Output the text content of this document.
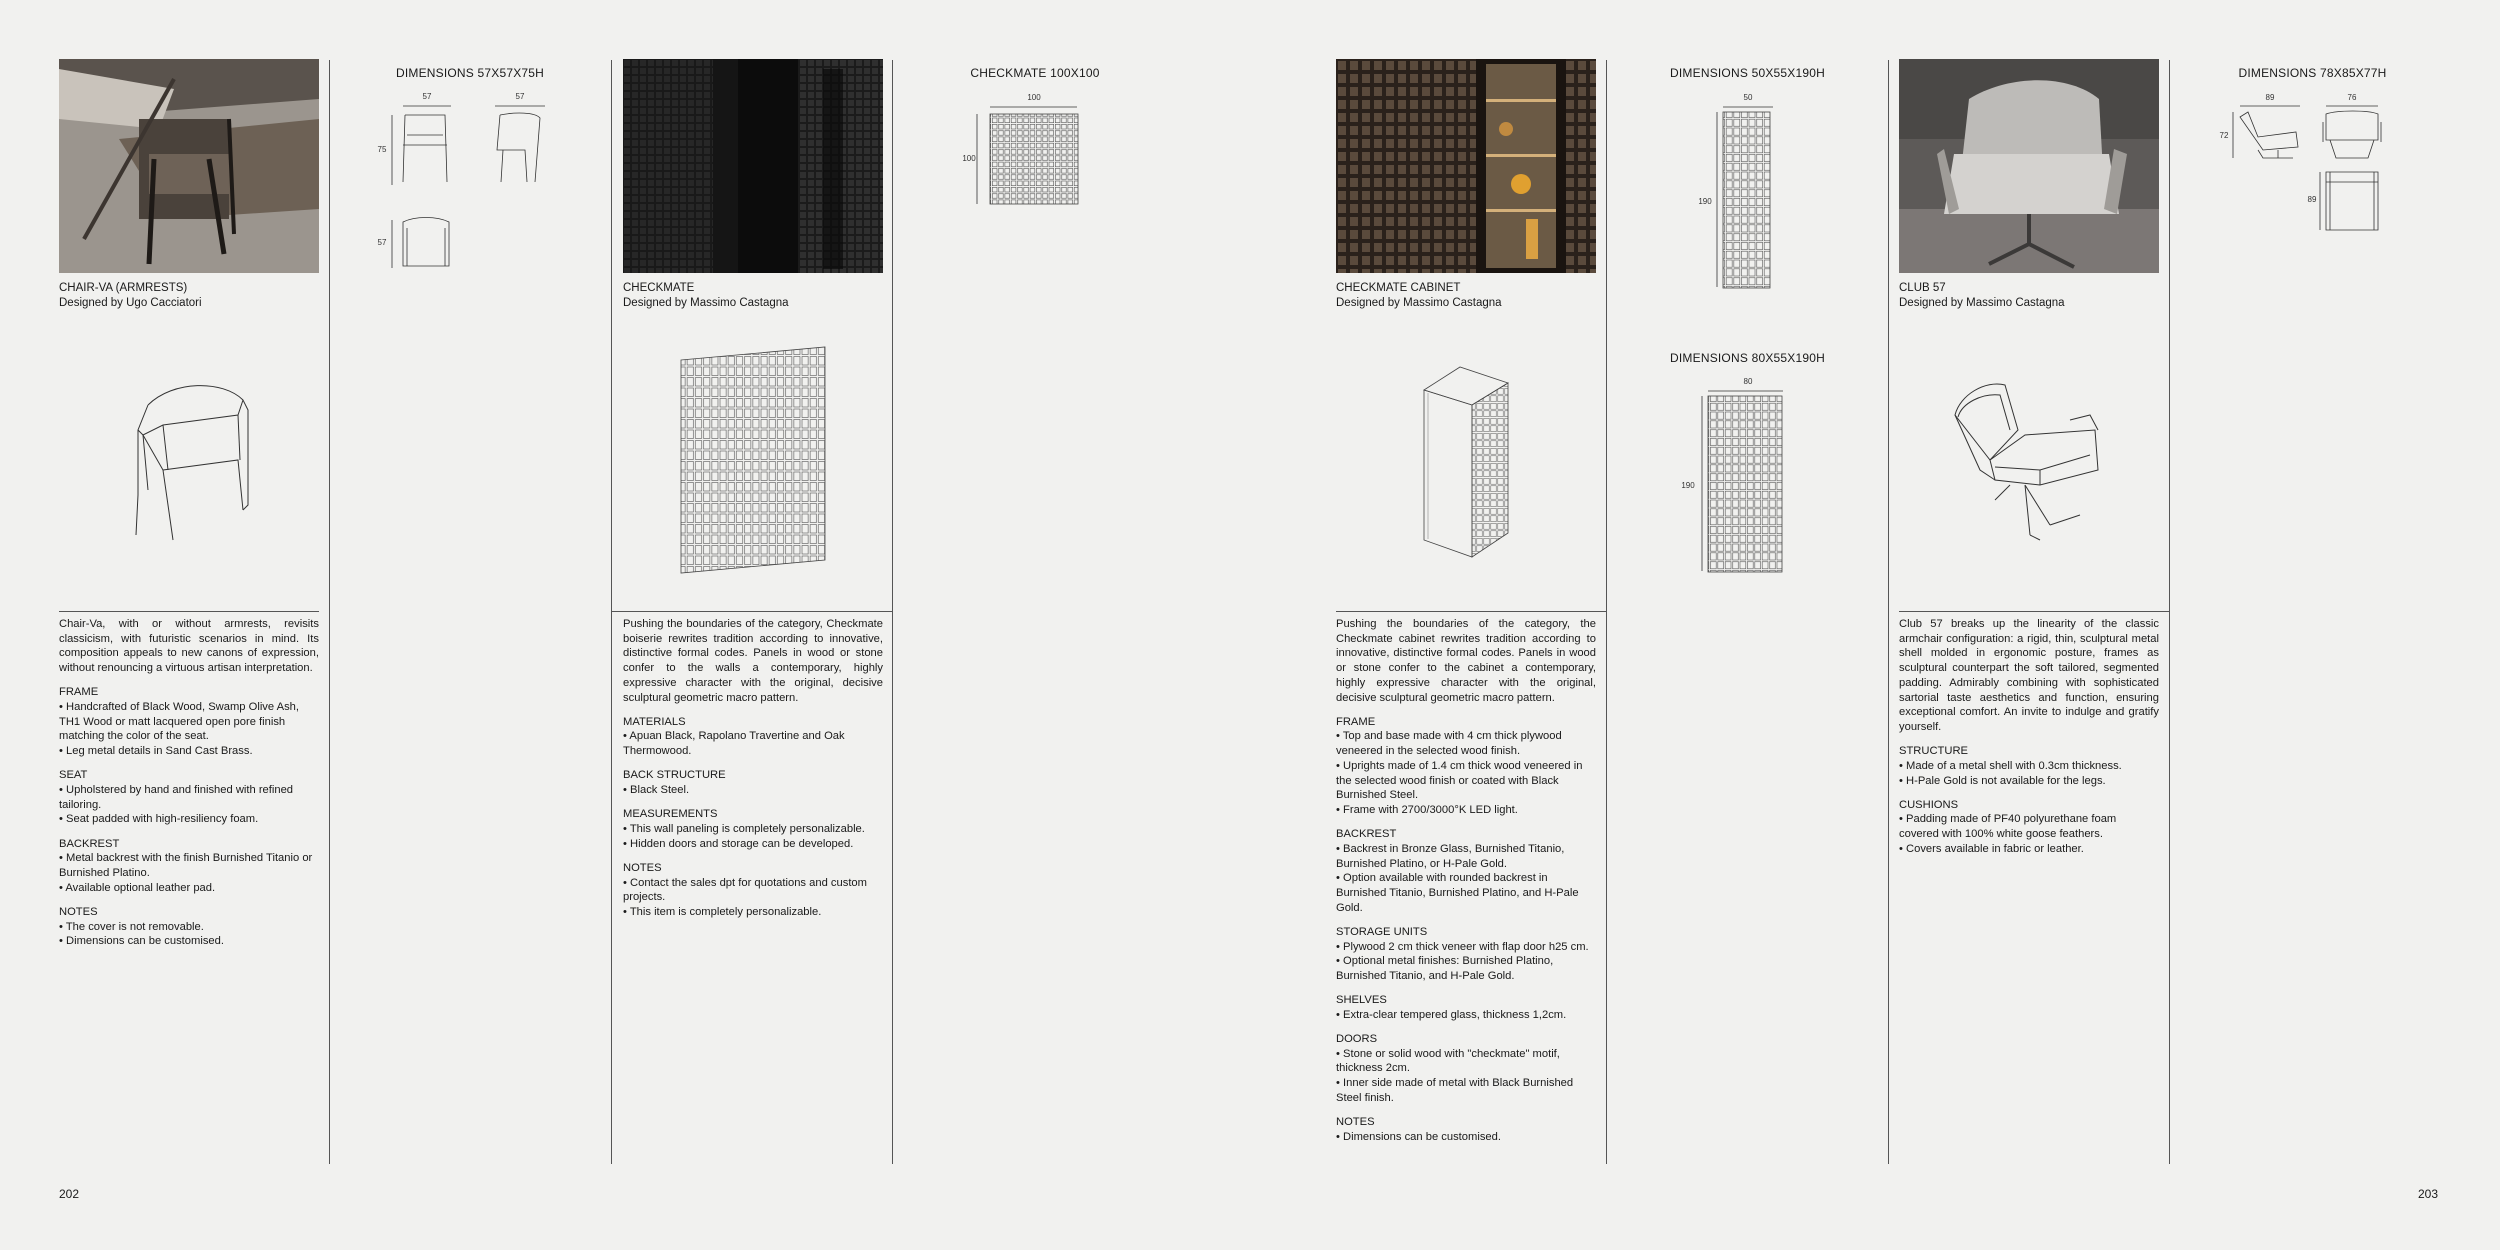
CHAIR-VA (ARMRESTS)
Designed by Ugo Cacciatori

Chair-Va, with or without armrests, revisits classicism, with futuristic scenarios in mind. Its composition appeals to new canons of expression, without renouncing a virtuous artisan interpretation.

FRAME
• Handcrafted of Black Wood, Swamp Olive Ash, TH1 Wood or matt lacquered open pore finish matching the color of the seat.
• Leg metal details in Sand Cast Brass.
SEAT
• Upholstered by hand and finished with refined tailoring.
• Seat padded with high-resiliency foam.
BACKREST
• Metal backrest with the finish Burnished Titanio or Burnished Platino.
• Available optional leather pad.
NOTES
• The cover is not removable.
• Dimensions can be customised.
DIMENSIONS 57X57X75H
57
75
57
57
CHECKMATE
Designed by Massimo Castagna

Pushing the boundaries of the category, Checkmate boiserie rewrites tradition according to innovative, distinctive formal codes. Panels in wood or stone confer to the walls a contemporary, highly expressive character with the original, decisive sculptural geometric macro pattern.

MATERIALS
• Apuan Black, Rapolano Travertine and Oak Thermowood.
BACK STRUCTURE
• Black Steel.
MEASUREMENTS
• This wall paneling is completely personalizable.
• Hidden doors and storage can be developed.
NOTES
• Contact the sales dpt for quotations and custom projects.
• This item is completely personalizable.
CHECKMATE 100X100
100
100
CHECKMATE CABINET
Designed by Massimo Castagna

Pushing the boundaries of the category, the Checkmate cabinet rewrites tradition according to innovative, distinctive formal codes. Panels in wood or stone confer to the cabinet a contemporary, highly expressive character with the original, decisive sculptural geometric macro pattern.

FRAME
• Top and base made with 4 cm thick plywood veneered in the selected wood finish.
• Uprights made of 1.4 cm thick wood veneered in the selected wood finish or coated with Black Burnished Steel.
• Frame with 2700/3000°K LED light.
BACKREST
• Backrest in Bronze Glass, Burnished Titanio, Burnished Platino, or H-Pale Gold.
• Option available with rounded backrest in Burnished Titanio, Burnished Platino, and H-Pale Gold.
STORAGE UNITS
• Plywood 2 cm thick veneer with flap door h25 cm.
• Optional metal finishes: Burnished Platino, Burnished Titanio, and H-Pale Gold.
SHELVES
• Extra-clear tempered glass, thickness 1,2cm.
DOORS
• Stone or solid wood with "checkmate" motif, thickness 2cm.
• Inner side made of metal with Black Burnished Steel finish.
NOTES
• Dimensions can be customised.
DIMENSIONS 50X55X190H
50
190
DIMENSIONS 80X55X190H
80
190
CLUB 57
Designed by Massimo Castagna

Club 57 breaks up the linearity of the classic armchair configuration: a rigid, thin, sculptural metal shell molded in ergonomic posture, frames as sculptural counterpart the soft tailored, segmented padding. Admirably combining with sophisticated sartorial taste aesthetics and function, ensuring exceptional comfort. An invite to indulge and gratify yourself.

STRUCTURE
• Made of a metal shell with 0.3cm thickness.
• H-Pale Gold is not available for the legs.
CUSHIONS
• Padding made of PF40 polyurethane foam covered with 100% white goose feathers.
• Covers available in fabric or leather.
DIMENSIONS 78X85X77H
89
72
76
89
202	203
